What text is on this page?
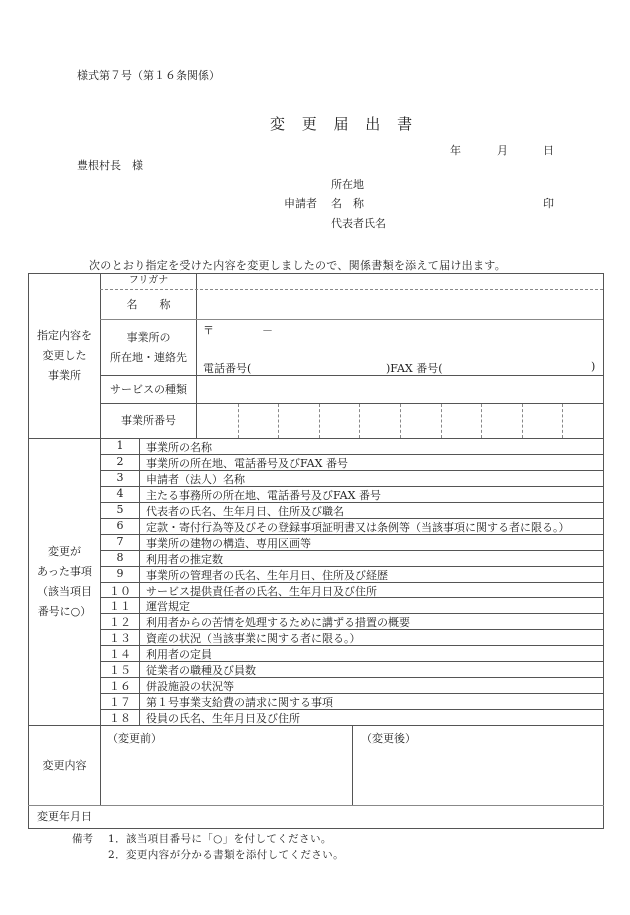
様式第７号（第１６条関係）
変 更 届 出 書
年	月	日
豊根村長　様
所在地
申請者 名　称	印
代表者氏名
次のとおり指定を受けた内容を変更しましたので、関係書類を添えて届け出ます。
指定内容を
変更した
事業所
フリガナ
名　　称
事業所の
所在地・連絡先
〒	－
電話番号(	)FAX 番号(	)
サービスの種類
事業所番号
1	事業所の名称
2	事業所の所在地、電話番号及びFAX 番号
3	申請者（法人）名称
4	主たる事務所の所在地、電話番号及びFAX 番号
5	代表者の氏名、生年月日、住所及び職名
6	定款・寄付行為等及びその登録事項証明書又は条例等（当該事項に関する者に限る。）
7	事業所の建物の構造、専用区画等
8	利用者の推定数
9	事業所の管理者の氏名、生年月日、住所及び経歴
１０	サービス提供責任者の氏名、生年月日及び住所
１１	運営規定
１２	利用者からの苦情を処理するために講ずる措置の概要
１３	資産の状況（当該事業に関する者に限る。）
１４	利用者の定員
１５	従業者の職種及び員数
１６	併設施設の状況等
１７	第１号事業支給費の請求に関する事項
１８	役員の氏名、生年月日及び住所
変更が
あった事項
（該当項目
番号に○）
変更内容
（変更前）	（変更後）
変更年月日
備考 1．該当項目番号に「○」を付してください。
2．変更内容が分かる書類を添付してください。
